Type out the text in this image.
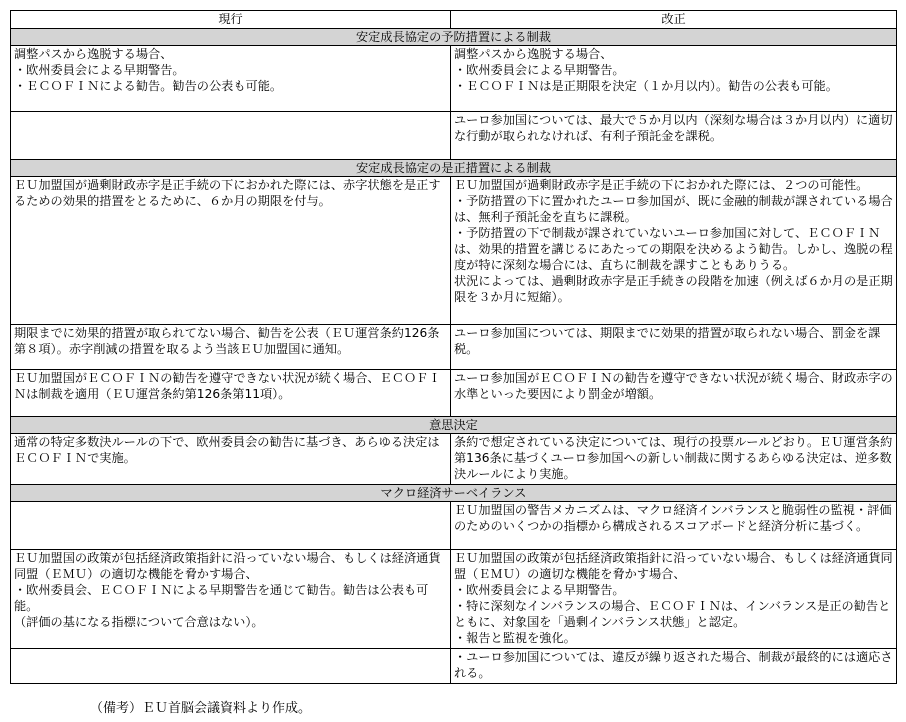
現行	改正
安定成長協定の予防措置による制裁	
調整パスから逸脱する場合、
・欧州委員会による早期警告。
・ＥＣＯＦＩＮによる勧告。勧告の公表も可能。	調整パスから逸脱する場合、
・欧州委員会による早期警告。
・ＥＣＯＦＩＮは是正期限を決定（１か月以内）。勧告の公表も可能。
	ユーロ参加国については、最大で５か月以内（深刻な場合は３か月以内）に適切な行動が取られなければ、有利子預託金を課税。
安定成長協定の是正措置による制裁	
ＥＵ加盟国が過剰財政赤字是正手続の下におかれた際には、赤字状態を是正するための効果的措置をとるために、６か月の期限を付与。	ＥＵ加盟国が過剰財政赤字是正手続の下におかれた際には、２つの可能性。
・予防措置の下に置かれたユーロ参加国が、既に金融的制裁が課されている場合は、無利子預託金を直ちに課税。
・予防措置の下で制裁が課されていないユーロ参加国に対して、ＥＣＯＦＩＮは、効果的措置を講じるにあたっての期限を決めるよう勧告。しかし、逸脱の程度が特に深刻な場合には、直ちに制裁を課すこともありうる。
状況によっては、過剰財政赤字是正手続きの段階を加速（例えば６か月の是正期限を３か月に短縮）。
期限までに効果的措置が取られてない場合、勧告を公表（ＥＵ運営条約126条第８項）。赤字削減の措置を取るよう当該ＥＵ加盟国に通知。	ユーロ参加国については、期限までに効果的措置が取られない場合、罰金を課税。
ＥＵ加盟国がＥＣＯＦＩＮの勧告を遵守できない状況が続く場合、ＥＣＯＦＩＮは制裁を適用（ＥＵ運営条約第126条第11項）。	ユーロ参加国がＥＣＯＦＩＮの勧告を遵守できない状況が続く場合、財政赤字の水準といった要因により罰金が増額。
意思決定	
通常の特定多数決ルールの下で、欧州委員会の勧告に基づき、あらゆる決定はＥＣＯＦＩＮで実施。	条約で想定されている決定については、現行の投票ルールどおり。ＥＵ運営条約第136条に基づくユーロ参加国への新しい制裁に関するあらゆる決定は、逆多数決ルールにより実施。
マクロ経済サーベイランス	
	ＥＵ加盟国の警告メカニズムは、マクロ経済インバランスと脆弱性の監視・評価のためのいくつかの指標から構成されるスコアボードと経済分析に基づく。
ＥＵ加盟国の政策が包括経済政策指針に沿っていない場合、もしくは経済通貨同盟（ＥＭＵ）の適切な機能を脅かす場合、
・欧州委員会、ＥＣＯＦＩＮによる早期警告を通じて勧告。勧告は公表も可能。
（評価の基になる指標について合意はない）。	ＥＵ加盟国の政策が包括経済政策指針に沿っていない場合、もしくは経済通貨同盟（ＥＭＵ）の適切な機能を脅かす場合、
・欧州委員会による早期警告。
・特に深刻なインバランスの場合、ＥＣＯＦＩＮは、インバランス是正の勧告とともに、対象国を「過剰インバランス状態」と認定。
・報告と監視を強化。
	・ユーロ参加国については、違反が繰り返された場合、制裁が最終的には適応される。
（備考）ＥＵ首脳会議資料より作成。
